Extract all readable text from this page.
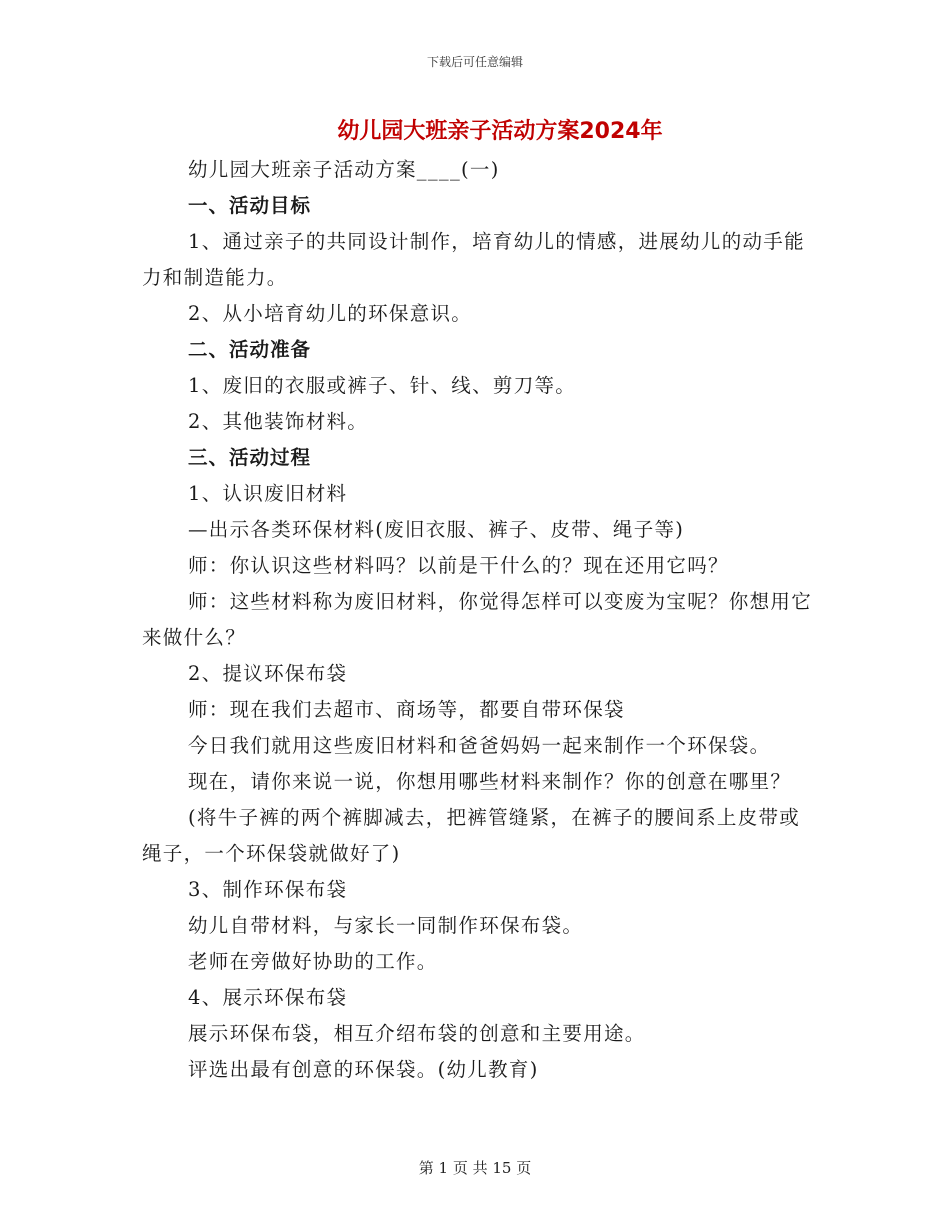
下载后可任意编辑
幼儿园大班亲子活动方案2024年

幼儿园大班亲子活动方案____(一)

一、活动目标

1、通过亲子的共同设计制作，培育幼儿的情感，进展幼儿的动手能力和制造能力。

2、从小培育幼儿的环保意识。

二、活动准备

1、废旧的衣服或裤子、针、线、剪刀等。

2、其他装饰材料。

三、活动过程

1、认识废旧材料

—出示各类环保材料(废旧衣服、裤子、皮带、绳子等)

师：你认识这些材料吗？以前是干什么的？现在还用它吗？

师：这些材料称为废旧材料，你觉得怎样可以变废为宝呢？你想用它来做什么？

2、提议环保布袋

师：现在我们去超市、商场等，都要自带环保袋

今日我们就用这些废旧材料和爸爸妈妈一起来制作一个环保袋。

现在，请你来说一说，你想用哪些材料来制作？你的创意在哪里？

(将牛子裤的两个裤脚减去，把裤管缝紧，在裤子的腰间系上皮带或绳子，一个环保袋就做好了)

3、制作环保布袋

幼儿自带材料，与家长一同制作环保布袋。

老师在旁做好协助的工作。

4、展示环保布袋

展示环保布袋，相互介绍布袋的创意和主要用途。

评选出最有创意的环保袋。(幼儿教育)

第 1 页 共 15 页
